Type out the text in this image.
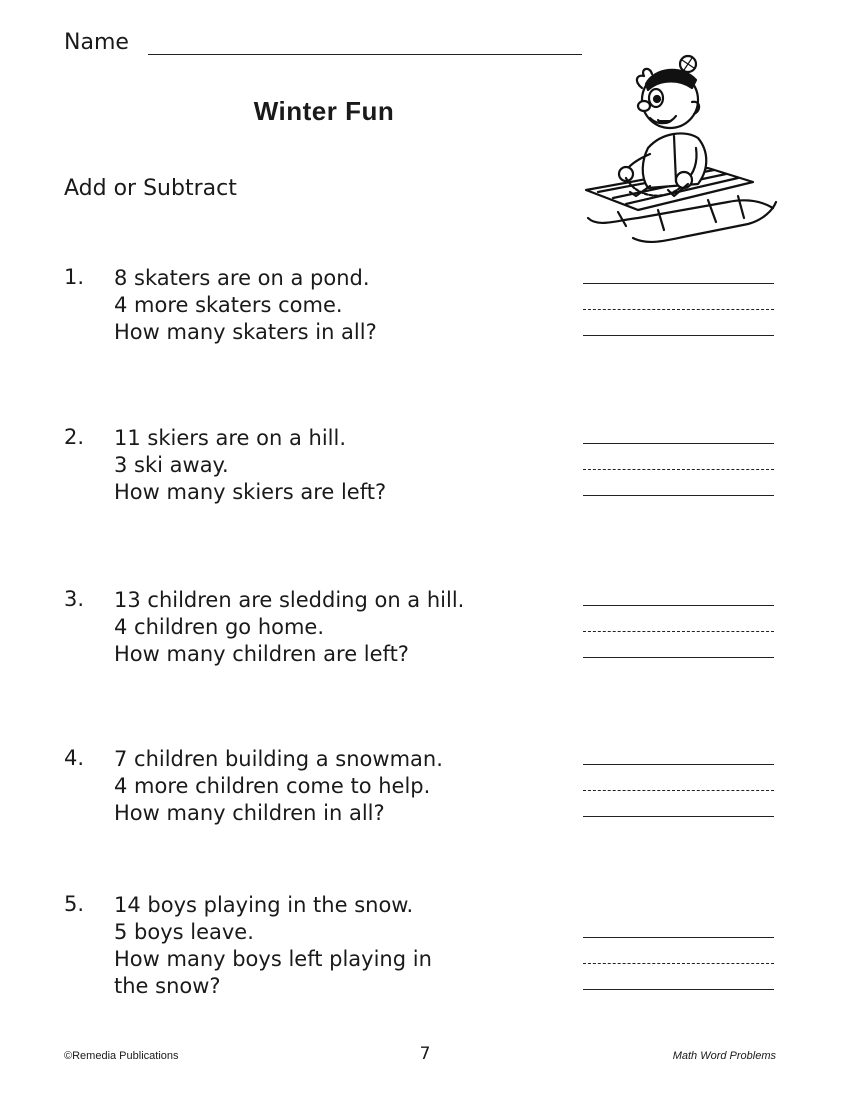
Name
Winter Fun
Add or Subtract
1. 8 skaters are on a pond.
4 more skaters come.
How many skaters in all?
2. 11 skiers are on a hill.
3 ski away.
How many skiers are left?
3. 13 children are sledding on a hill.
4 children go home.
How many children are left?
4. 7 children building a snowman.
4 more children come to help.
How many children in all?
5. 14 boys playing in the snow.
5 boys leave.
How many boys left playing in
the snow?
©Remedia Publications	7	Math Word Problems
